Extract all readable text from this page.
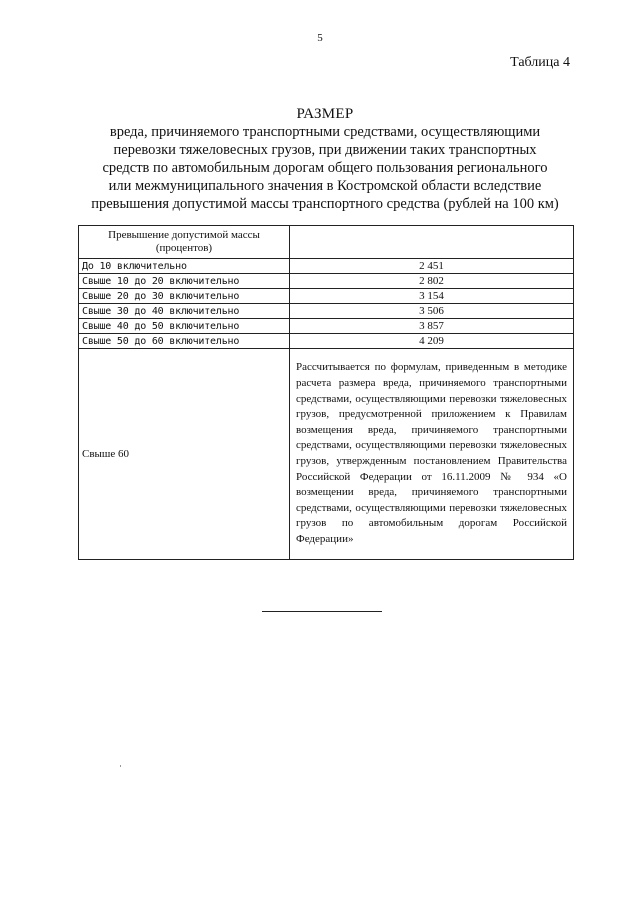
5
Таблица 4
РАЗМЕР
вреда, причиняемого транспортными средствами, осуществляющими
перевозки тяжеловесных грузов, при движении таких транспортных
средств по автомобильным дорогам общего пользования регионального
или межмуниципального значения в Костромской области вследствие
превышения допустимой массы транспортного средства (рублей на 100 км)
Превышение допустимой массы
(процентов)	

До 10 включительно	2 451
Свыше 10 до 20 включительно	2 802
Свыше 20 до 30 включительно	3 154
Свыше 30 до 40 включительно	3 506
Свыше 40 до 50 включительно	3 857
Свыше 50 до 60 включительно	4 209
Свыше 60	Рассчитывается по формулам, приведенным в методике расчета размера вреда, причиняемого транспортными средствами, осуществляющими перевозки тяжеловесных грузов, предусмотренной приложением к Правилам возмещения вреда, причиняемого транспортными средствами, осуществляющими перевозки тяжеловесных грузов, утвержденным постановлением Правительства Российской Федерации от 16.11.2009 № 934 «О возмещении вреда, причиняемого транспортными средствами, осуществляющими перевозки тяжеловесных грузов по автомобильным дорогам Российской Федерации»
